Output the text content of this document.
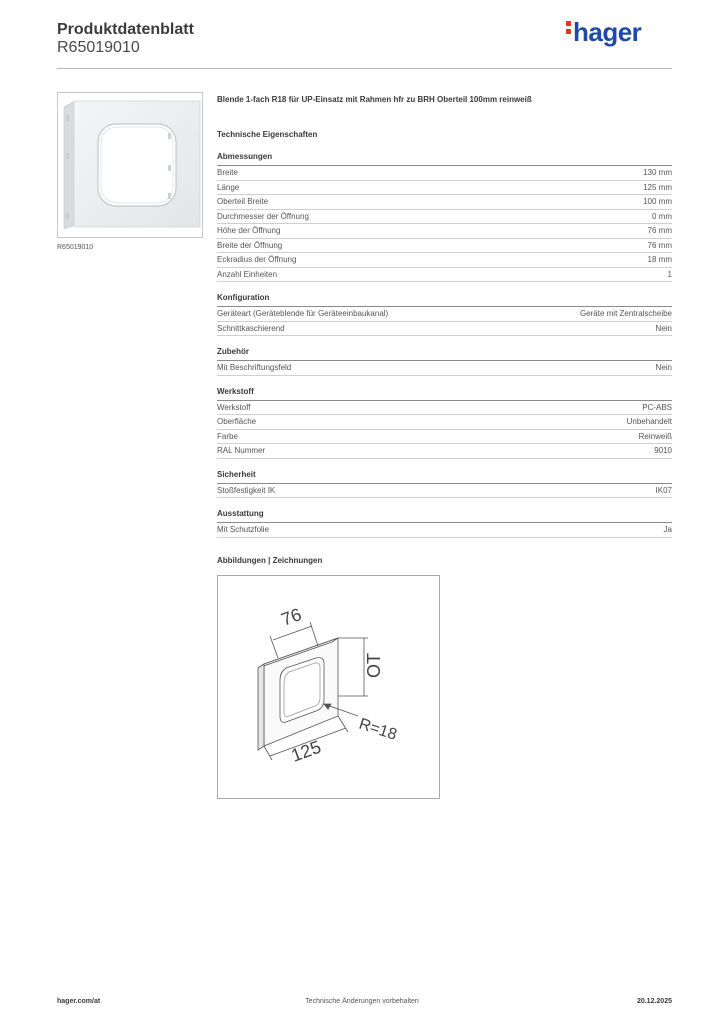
Produktdatenblatt
R65019010
hager
R65019010
Blende 1-fach R18 für UP-Einsatz mit Rahmen hfr zu BRH Oberteil 100mm reinweiß
Technische Eigenschaften
Abmessungen
Breite	130 mm
Länge	125 mm
Oberteil Breite	100 mm
Durchmesser der Öffnung	0 mm
Höhe der Öffnung	76 mm
Breite der Öffnung	76 mm
Eckradius der Öffnung	18 mm
Anzahl Einheiten	1
Konfiguration
Geräteart (Geräteblende für Geräteeinbaukanal)	Geräte mit Zentralscheibe
Schnittkaschierend	Nein
Zubehör
Mit Beschriftungsfeld	Nein
Werkstoff
Werkstoff	PC-ABS
Oberfläche	Unbehandelt
Farbe	Reinweiß
RAL Nummer	9010
Sicherheit
Stoßfestigkeit IK	IK07
Ausstattung
Mit Schutzfolie	Ja
Abbildungen | Zeichnungen
76
OT
R=18
125
Technische Änderungen vorbehalten
hager.com/at	20.12.2025
